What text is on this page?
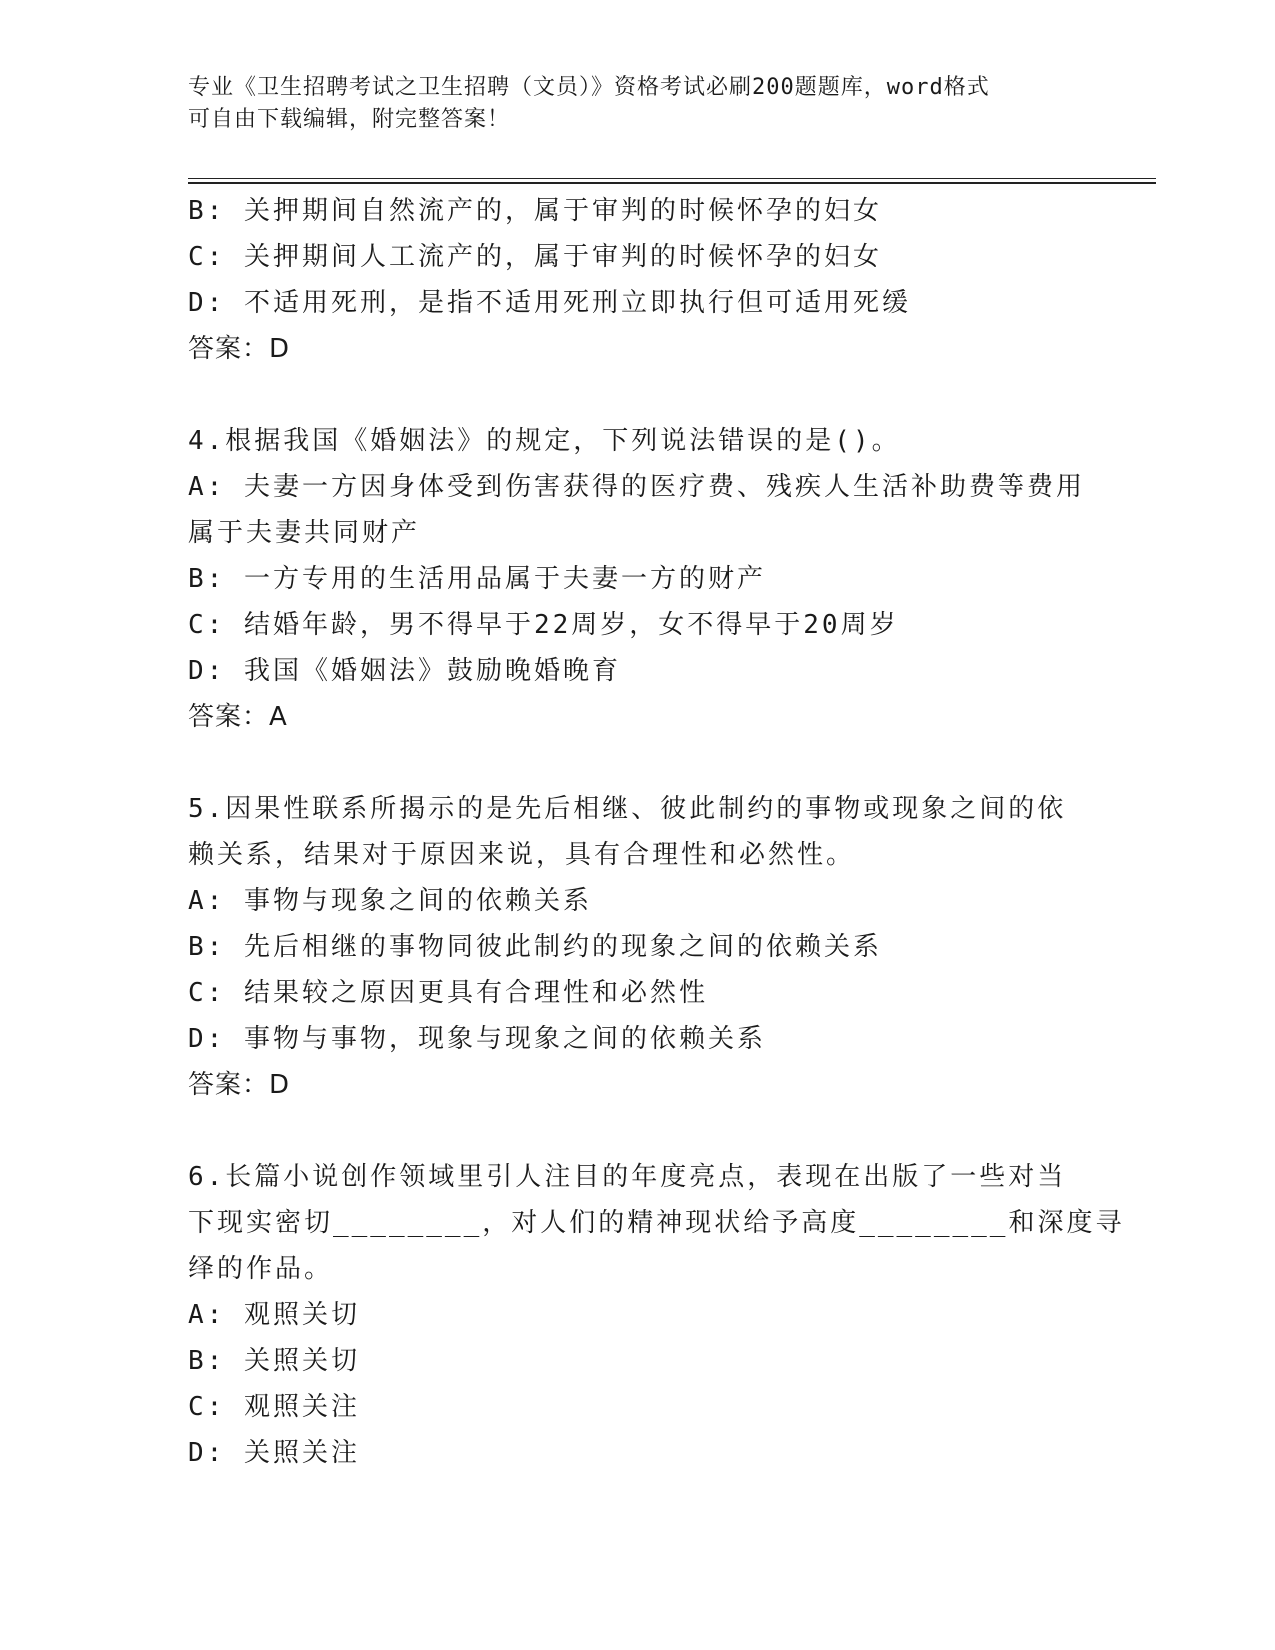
专业《卫生招聘考试之卫生招聘（文员）》资格考试必刷200题题库，word格式
可自由下载编辑，附完整答案！
B: 关押期间自然流产的，属于审判的时候怀孕的妇女
C: 关押期间人工流产的，属于审判的时候怀孕的妇女
D: 不适用死刑，是指不适用死刑立即执行但可适用死缓
答案：D
4.根据我国《婚姻法》的规定，下列说法错误的是()。
A: 夫妻一方因身体受到伤害获得的医疗费、残疾人生活补助费等费用
属于夫妻共同财产
B: 一方专用的生活用品属于夫妻一方的财产
C: 结婚年龄，男不得早于22周岁，女不得早于20周岁
D: 我国《婚姻法》鼓励晚婚晚育
答案：A
5.因果性联系所揭示的是先后相继、彼此制约的事物或现象之间的依
赖关系，结果对于原因来说，具有合理性和必然性。
A: 事物与现象之间的依赖关系
B: 先后相继的事物同彼此制约的现象之间的依赖关系
C: 结果较之原因更具有合理性和必然性
D: 事物与事物，现象与现象之间的依赖关系
答案：D
6.长篇小说创作领域里引人注目的年度亮点，表现在出版了一些对当
下现实密切________，对人们的精神现状给予高度________和深度寻
绎的作品。
A: 观照关切
B: 关照关切
C: 观照关注
D: 关照关注
